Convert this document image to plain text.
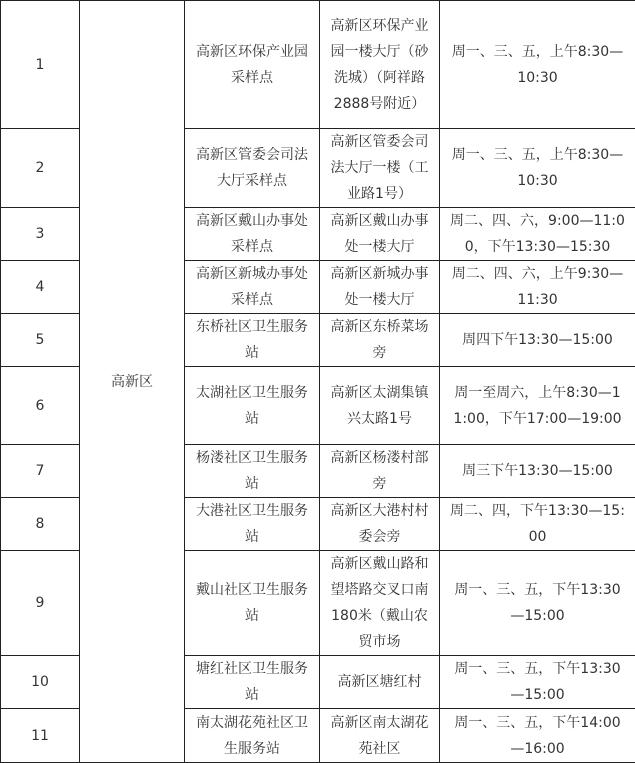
1	高新区	高新区环保产业园采样点	高新区环保产业园一楼大厅（砂洗城）（阿祥路2888号附近）	周一、三、五，上午8:30—10:30
2		高新区管委会司法大厅采样点	高新区管委会司法大厅一楼（工业路1号）	周一、三、五，上午8:30—10:30
3		高新区戴山办事处采样点	高新区戴山办事处一楼大厅	周二、四、六，9:00—11:00，下午13:30—15:30
4		高新区新城办事处采样点	高新区新城办事处一楼大厅	周二、四、六，上午9:30—11:30
5		东桥社区卫生服务站	高新区东桥菜场旁	周四下午13:30—15:00
6		太湖社区卫生服务站	高新区太湖集镇兴太路1号	周一至周六，上午8:30—11:00，下午17:00—19:00
7		杨溇社区卫生服务站	高新区杨溇村部旁	周三下午13:30—15:00
8		大港社区卫生服务站	高新区大港村村委会旁	周二、四，下午13:30—15:00
9		戴山社区卫生服务站	高新区戴山路和望塔路交叉口南180米（戴山农贸市场	周一、三、五，下午13:30—15:00
10		塘红社区卫生服务站	高新区塘红村	周一、三、五，下午13:30—15:00
11		南太湖花苑社区卫生服务站	高新区南太湖花苑社区	周一、三、五，下午14:00—16:00
